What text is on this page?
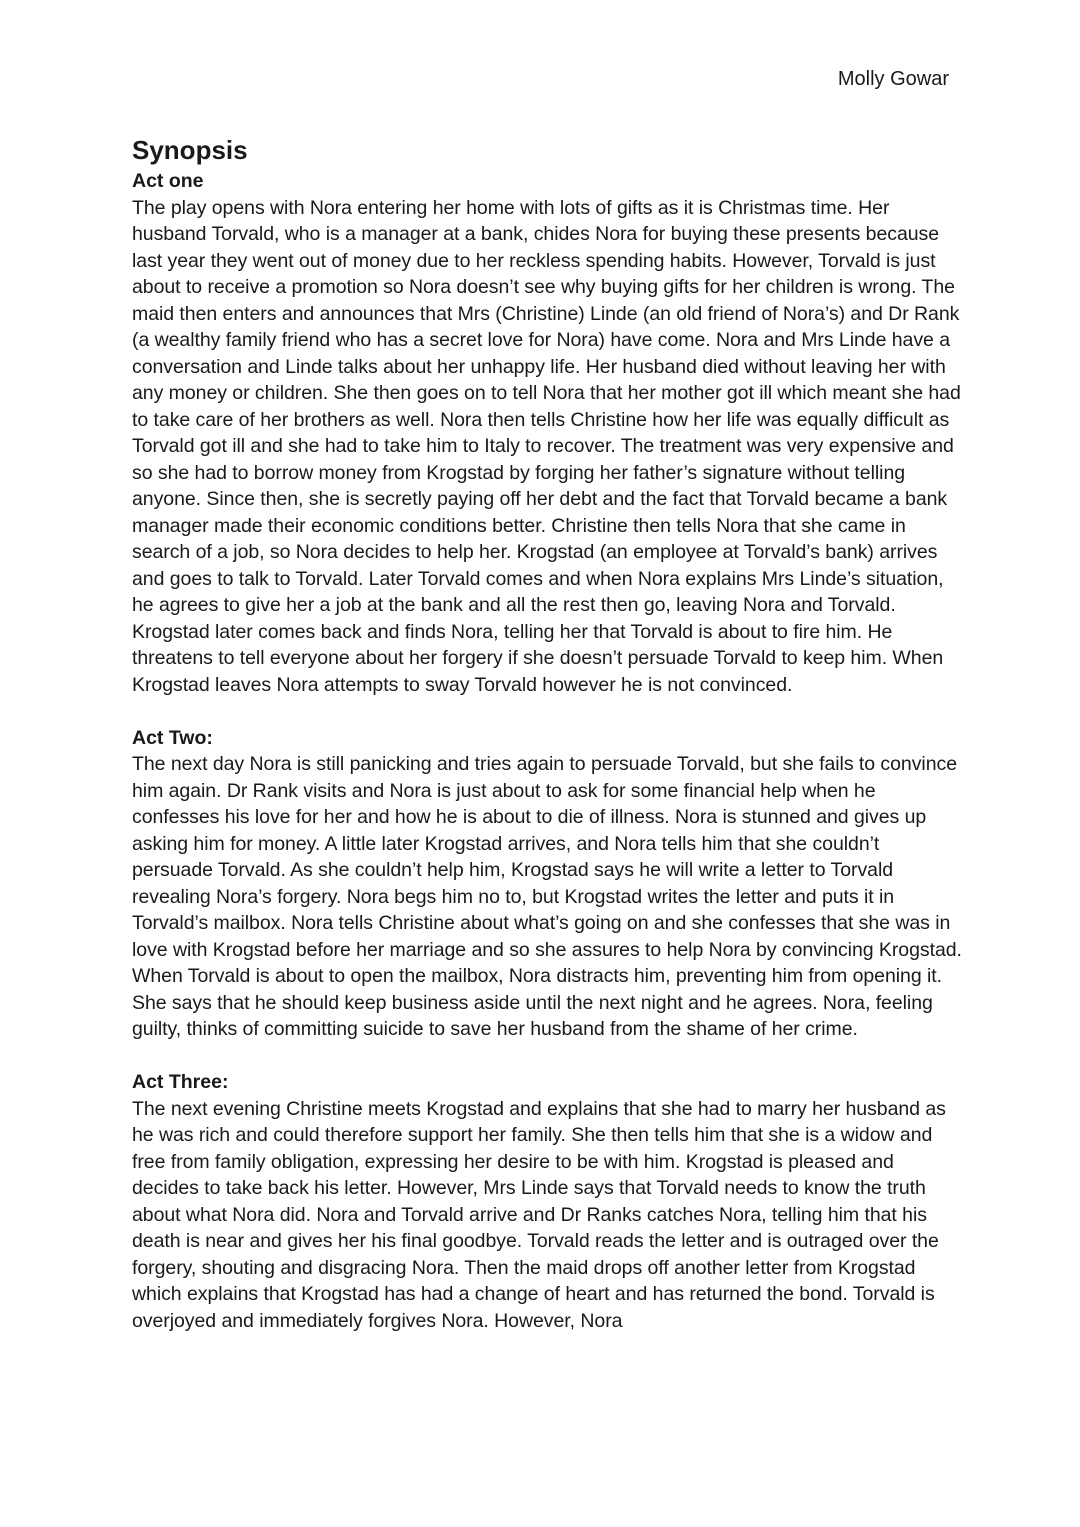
Molly Gowar

Synopsis
Act one

The play opens with Nora entering her home with lots of gifts as it is Christmas time. Her husband Torvald, who is a manager at a bank, chides Nora for buying these presents because last year they went out of money due to her reckless spending habits. However, Torvald is just about to receive a promotion so Nora doesn’t see why buying gifts for her children is wrong. The maid then enters and announces that Mrs (Christine) Linde (an old friend of Nora’s) and Dr Rank (a wealthy family friend who has a secret love for Nora) have come. Nora and Mrs Linde have a conversation and Linde talks about her unhappy life. Her husband died without leaving her with any money or children. She then goes on to tell Nora that her mother got ill which meant she had to take care of her brothers as well. Nora then tells Christine how her life was equally difficult as Torvald got ill and she had to take him to Italy to recover. The treatment was very expensive and so she had to borrow money from Krogstad by forging her father’s signature without telling anyone. Since then, she is secretly paying off her debt and the fact that Torvald became a bank manager made their economic conditions better. Christine then tells Nora that she came in search of a job, so Nora decides to help her. Krogstad (an employee at Torvald’s bank) arrives and goes to talk to Torvald. Later Torvald comes and when Nora explains Mrs Linde’s situation, he agrees to give her a job at the bank and all the rest then go, leaving Nora and Torvald. Krogstad later comes back and finds Nora, telling her that Torvald is about to fire him. He threatens to tell everyone about her forgery if she doesn’t persuade Torvald to keep him. When Krogstad leaves Nora attempts to sway Torvald however he is not convinced.

Act Two:

The next day Nora is still panicking and tries again to persuade Torvald, but she fails to convince him again. Dr Rank visits and Nora is just about to ask for some financial help when he confesses his love for her and how he is about to die of illness. Nora is stunned and gives up asking him for money. A little later Krogstad arrives, and Nora tells him that she couldn’t persuade Torvald. As she couldn’t help him, Krogstad says he will write a letter to Torvald revealing Nora’s forgery. Nora begs him no to, but Krogstad writes the letter and puts it in Torvald’s mailbox. Nora tells Christine about what’s going on and she confesses that she was in love with Krogstad before her marriage and so she assures to help Nora by convincing Krogstad. When Torvald is about to open the mailbox, Nora distracts him, preventing him from opening it. She says that he should keep business aside until the next night and he agrees. Nora, feeling guilty, thinks of committing suicide to save her husband from the shame of her crime.

Act Three:

The next evening Christine meets Krogstad and explains that she had to marry her husband as he was rich and could therefore support her family. She then tells him that she is a widow and free from family obligation, expressing her desire to be with him. Krogstad is pleased and decides to take back his letter. However, Mrs Linde says that Torvald needs to know the truth about what Nora did. Nora and Torvald arrive and Dr Ranks catches Nora, telling him that his death is near and gives her his final goodbye. Torvald reads the letter and is outraged over the forgery, shouting and disgracing Nora. Then the maid drops off another letter from Krogstad which explains that Krogstad has had a change of heart and has returned the bond. Torvald is overjoyed and immediately forgives Nora. However, Nora
